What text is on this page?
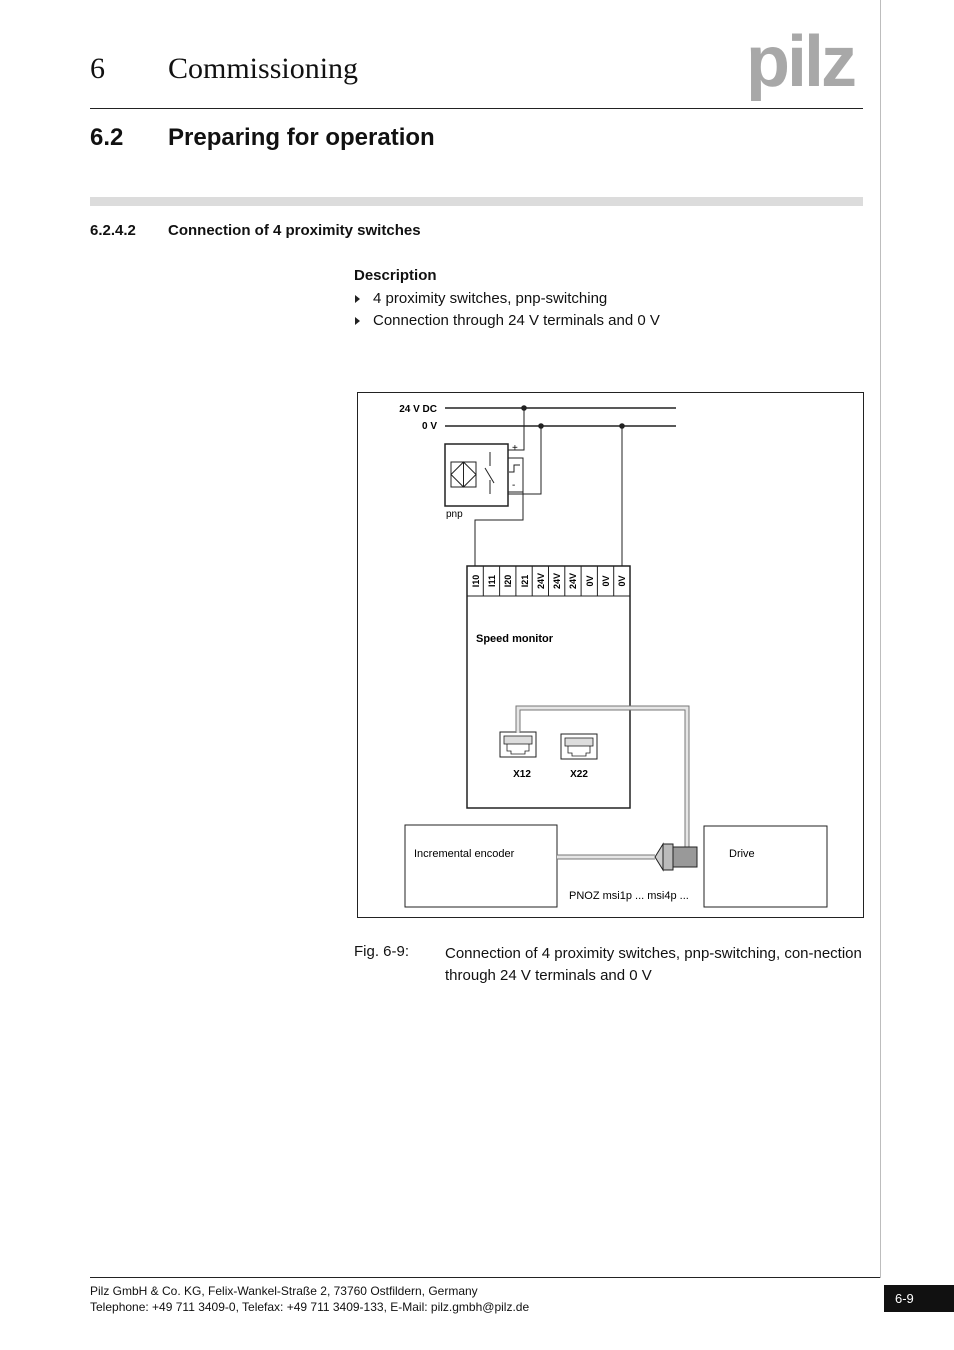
6 Commissioning	pilz
6.2 Preparing for operation
6.2.4.2 Connection of 4 proximity switches
Description
4 proximity switches, pnp-switching
Connection through 24 V terminals and 0 V
24 V DC
0 V
+
-
pnp
I10 I11 I20 I21 24V 24V 24V 0V 0V 0V
Speed monitor
X12	X22
Incremental encoder	Drive
PNOZ msi1p ... msi4p ...
Fig. 6-9: Connection of 4 proximity switches, pnp-switching, con-nection through 24 V terminals and 0 V
Pilz GmbH & Co. KG, Felix-Wankel-Straße 2, 73760 Ostfildern, Germany
Telephone: +49 711 3409-0, Telefax: +49 711 3409-133, E-Mail: pilz.gmbh@pilz.de
6-9
